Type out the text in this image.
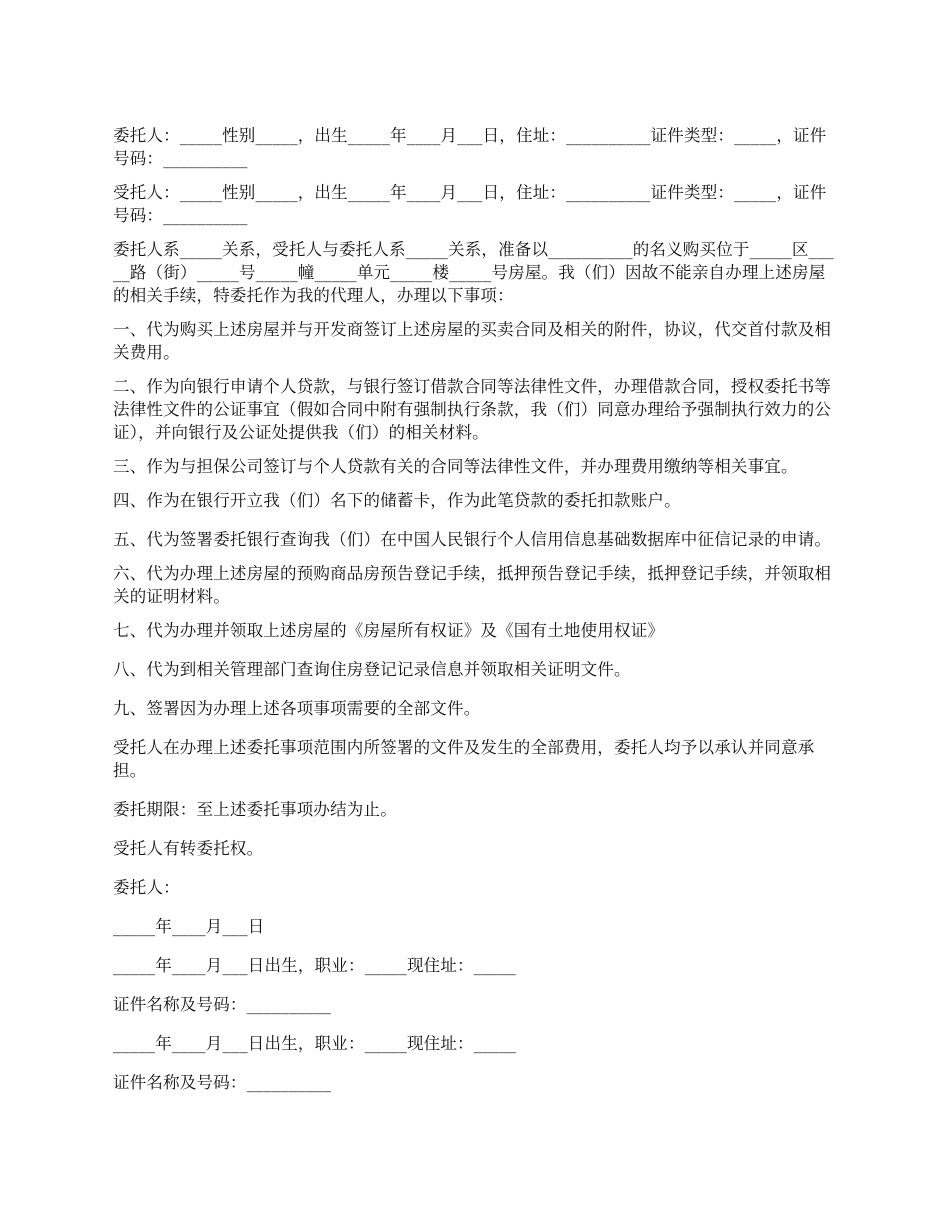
委托人：_____性别_____，出生_____年____月___日，住址：__________证件类型：_____，证件号码：__________

受托人：_____性别_____，出生_____年____月___日，住址：__________证件类型：_____，证件号码：__________

委托人系_____关系，受托人与委托人系_____关系，准备以__________的名义购买位于_____区_____路（街）_____号_____幢_____单元_____楼_____号房屋。我（们）因故不能亲自办理上述房屋的相关手续，特委托作为我的代理人，办理以下事项：

一、代为购买上述房屋并与开发商签订上述房屋的买卖合同及相关的附件，协议，代交首付款及相关费用。

二、作为向银行申请个人贷款，与银行签订借款合同等法律性文件，办理借款合同，授权委托书等法律性文件的公证事宜（假如合同中附有强制执行条款，我（们）同意办理给予强制执行效力的公证），并向银行及公证处提供我（们）的相关材料。

三、作为与担保公司签订与个人贷款有关的合同等法律性文件，并办理费用缴纳等相关事宜。

四、作为在银行开立我（们）名下的储蓄卡，作为此笔贷款的委托扣款账户。

五、代为签署委托银行查询我（们）在中国人民银行个人信用信息基础数据库中征信记录的申请。

六、代为办理上述房屋的预购商品房预告登记手续，抵押预告登记手续，抵押登记手续，并领取相关的证明材料。

七、代为办理并领取上述房屋的《房屋所有权证》及《国有土地使用权证》

八、代为到相关管理部门查询住房登记记录信息并领取相关证明文件。

九、签署因为办理上述各项事项需要的全部文件。

受托人在办理上述委托事项范围内所签署的文件及发生的全部费用，委托人均予以承认并同意承担。

委托期限：至上述委托事项办结为止。

受托人有转委托权。

委托人：

_____年____月___日

_____年____月___日出生，职业：_____现住址：_____

证件名称及号码：__________

_____年____月___日出生，职业：_____现住址：_____

证件名称及号码：__________
